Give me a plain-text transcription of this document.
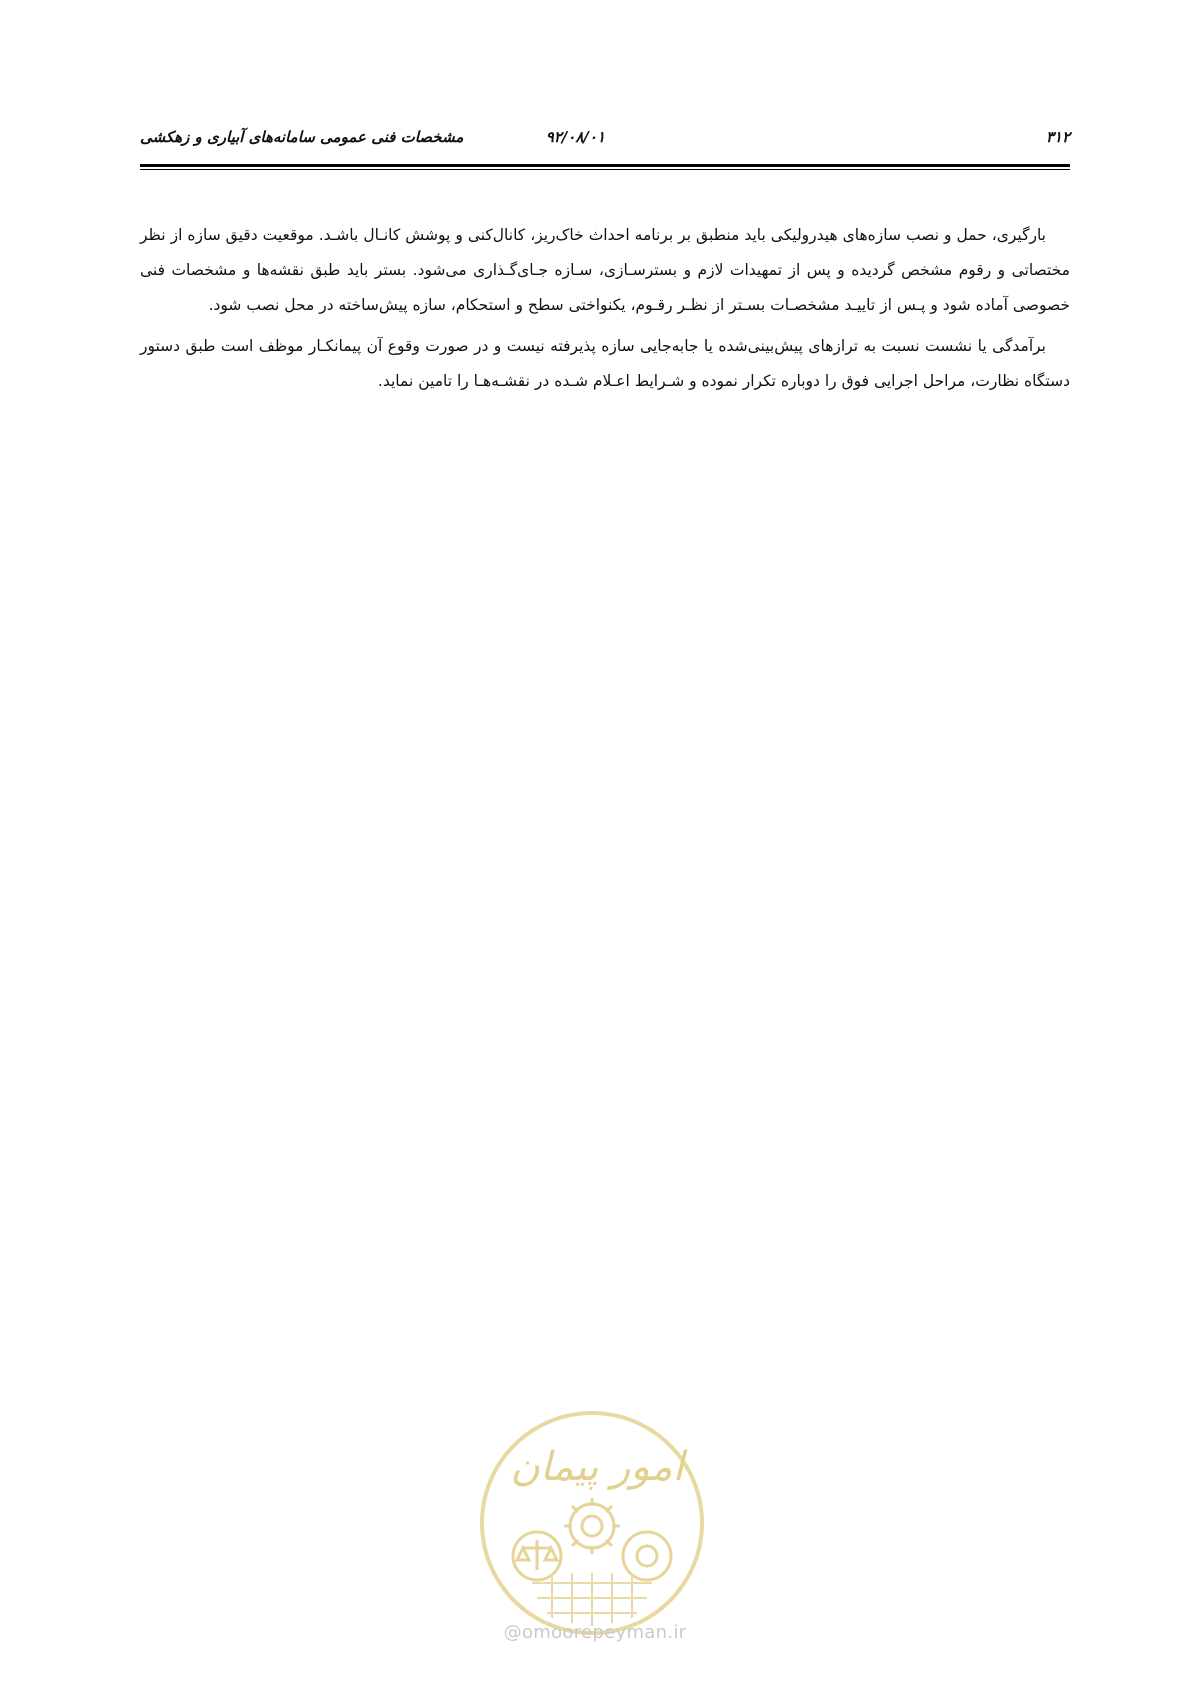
۳۱۲
۹۲/۰۸/۰۱
مشخصات فنی عمومی سامانه‌های آبیاری و زهکشی

بارگیری، حمل و نصب سازه‌های هیدرولیکی باید منطبق بر برنامه احداث خاک‌ریز، کانال‌کنی و پوشش کانـال باشـد. موقعیت دقیق سازه از نظر مختصاتی و رقوم مشخص گردیده و پس از تمهیدات لازم و بسترسـازی، سـازه جـای‌گـذاری می‌شود. بستر باید طبق نقشه‌ها و مشخصات فنی خصوصی آماده شود و پـس از تاییـد مشخصـات بسـتر از نظـر رقـوم، یکنواختی سطح و استحکام، سازه پیش‌ساخته در محل نصب شود.

برآمدگی یا نشست نسبت به ترازهای پیش‌بینی‌شده یا جابه‌جایی سازه پذیرفته نیست و در صورت وقوع آن پیمانکـار موظف است طبق دستور دستگاه نظارت، مراحل اجرایی فوق را دوباره تکرار نموده و شـرایط اعـلام شـده در نقشـه‌هـا را تامین نماید.

امور پیمان
@omoorepeyman.ir
